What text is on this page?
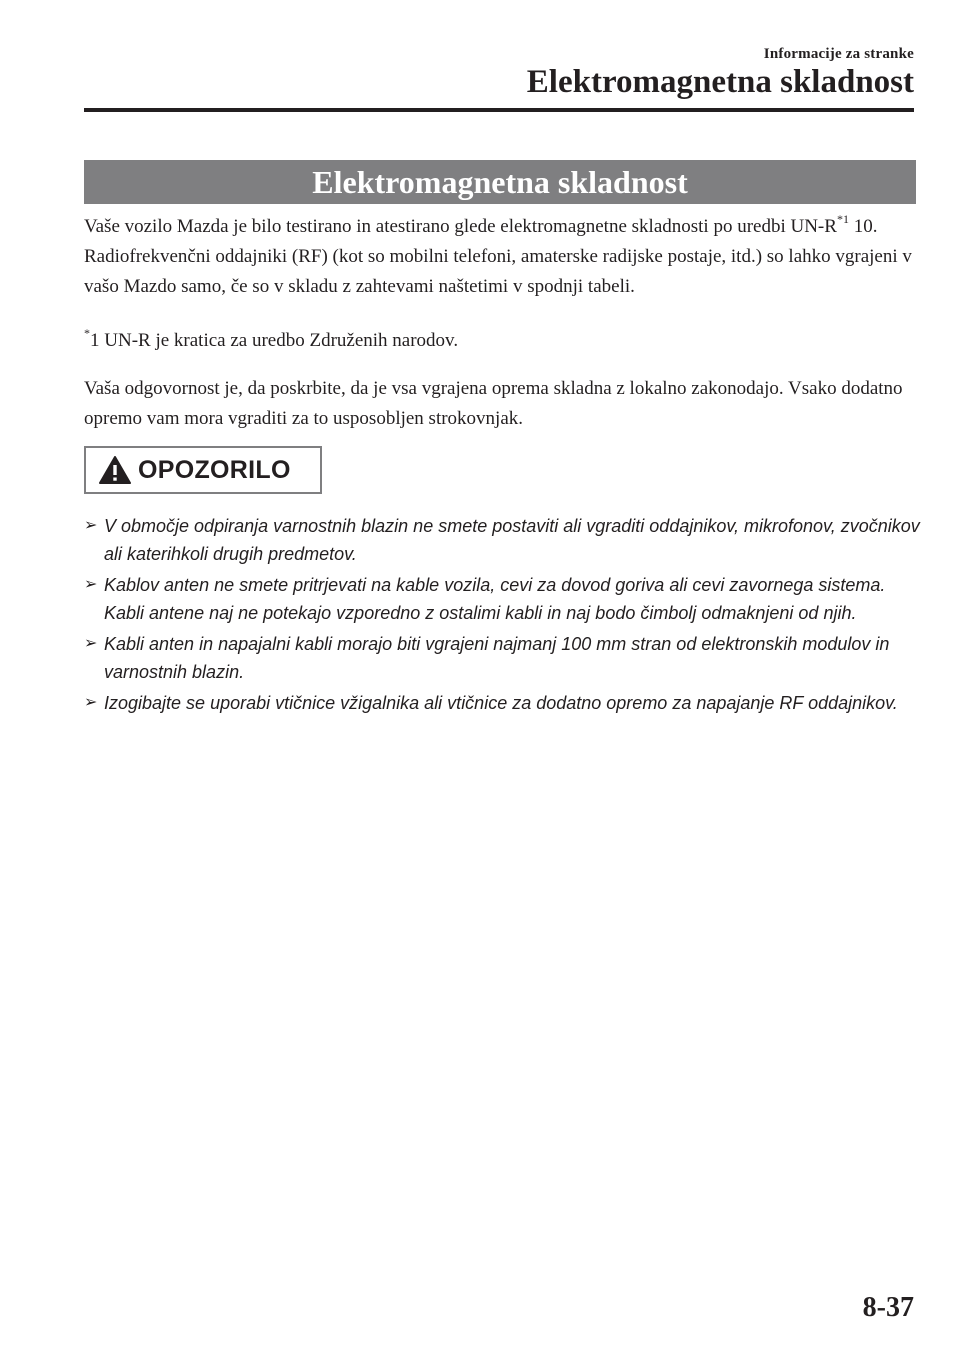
Informacije za stranke
Elektromagnetna skladnost
Elektromagnetna skladnost

Vaše vozilo Mazda je bilo testirano in atestirano glede elektromagnetne skladnosti po uredbi $UN-R^{*1}$ 10. Radiofrekvenčni oddajniki (RF) (kot so mobilni telefoni, amaterske radijske postaje, itd.) so lahko vgrajeni v vašo Mazdo samo, če so v skladu z zahtevami naštetimi v spodnji tabeli.

*1 UN-R je kratica za uredbo Združenih narodov.

Vaša odgovornost je, da poskrbite, da je vsa vgrajena oprema skladna z lokalno zakonodajo. Vsako dodatno opremo vam mora vgraditi za to usposobljen strokovnjak.

OPOZORILO
➢ V območje odpiranja varnostnih blazin ne smete postaviti ali vgraditi oddajnikov, mikrofonov, zvočnikov ali katerihkoli drugih predmetov.
➢ Kablov anten ne smete pritrjevati na kable vozila, cevi za dovod goriva ali cevi zavornega sistema. Kabli antene naj ne potekajo vzporedno z ostalimi kabli in naj bodo čimbolj odmaknjeni od njih.
➢ Kabli anten in napajalni kabli morajo biti vgrajeni najmanj 100 mm stran od elektronskih modulov in varnostnih blazin.
➢ Izogibajte se uporabi vtičnice vžigalnika ali vtičnice za dodatno opremo za napajanje RF oddajnikov.
8-37
